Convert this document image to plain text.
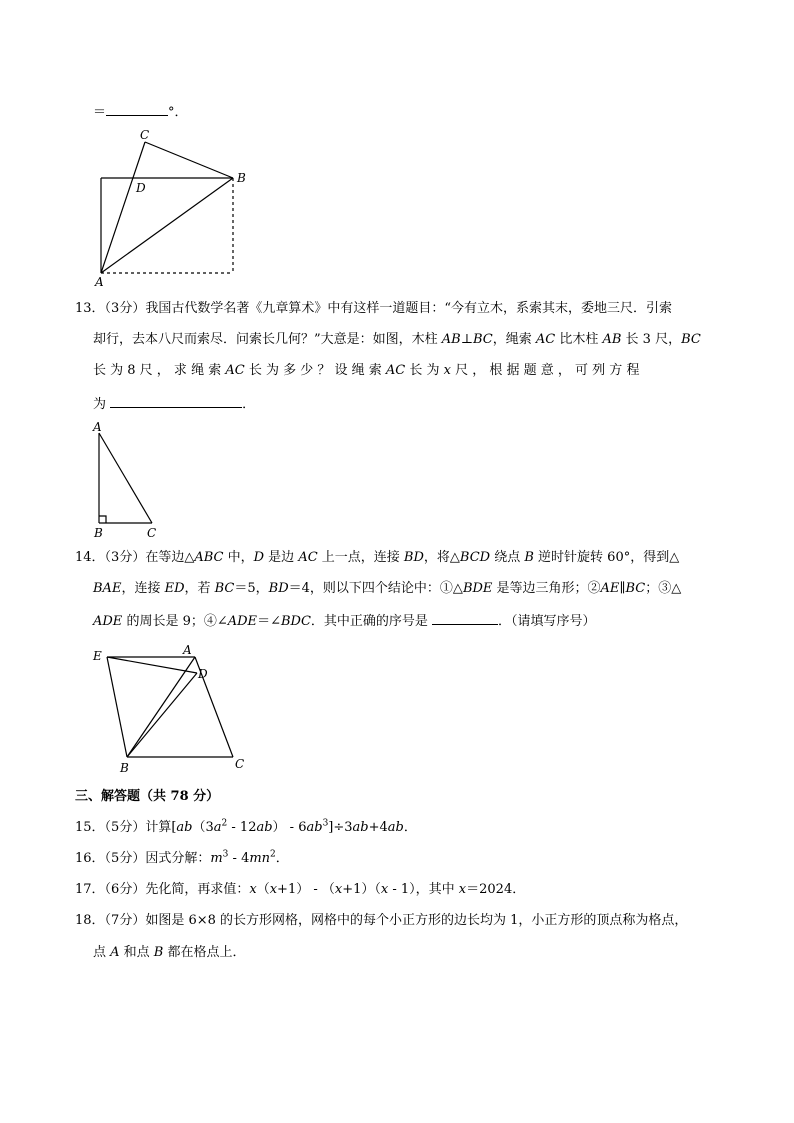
＝	°．
C
D
B
A
13．（3分）我国古代数学名著《九章算术》中有这样一道题目：“今有立木，系索其末，委地三尺．引索
却行，去本八尺而索尽．问索长几何？”大意是：如图，木柱 AB⊥BC，绳索 AC 比木柱 AB 长 3 尺，BC
长 为 8 尺 ， 求 绳 索 AC 长 为 多 少 ？ 设 绳 索 AC 长 为 x 尺 ， 根 据 题 意 ， 可 列 方 程
为	．
A
B	C
14．（3分）在等边△ABC 中，D 是边 AC 上一点，连接 BD，将△BCD 绕点 B 逆时针旋转 60°，得到△
BAE，连接 ED，若 BC＝5，BD＝4，则以下四个结论中：①△BDE 是等边三角形；②AE∥BC；③△
ADE 的周长是 9；④∠ADE＝∠BDC．其中正确的序号是	．（请填写序号）
E	A
D
B	C
三、解答题（共 78 分）
15．（5分）计算$[ab(3a^2 - 12ab) - 6ab^3]\div 3ab+4ab$．
16．（5分）因式分解：$m^3 - 4mn^2$．
17．（6分）先化简，再求值：x（x+1） - （x+1）（x - 1），其中 x＝2024．
18．（7分）如图是 6×8 的长方形网格，网格中的每个小正方形的边长均为 1，小正方形的顶点称为格点，
点 A 和点 B 都在格点上．
